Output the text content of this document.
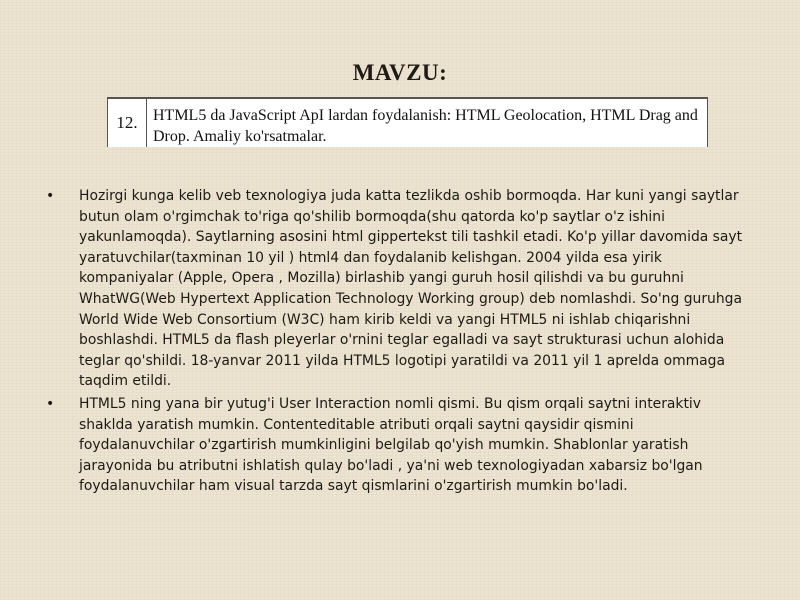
MAVZU:
12. HTML5 da JavaScript ApI lardan foydalanish: HTML Geolocation, HTML Drag and Drop. Amaliy ko'rsatmalar.
• Hozirgi kunga kelib veb texnologiya juda katta tezlikda oshib bormoqda. Har kuni yangi saytlar butun olam o'rgimchak to'riga qo'shilib bormoqda(shu qatorda ko'p saytlar o'z ishini yakunlamoqda). Saytlarning asosini html gippertekst tili tashkil etadi. Ko'p yillar davomida sayt yaratuvchilar(taxminan 10 yil ) html4 dan foydalanib kelishgan. 2004 yilda esa yirik kompaniyalar (Apple, Opera , Mozilla) birlashib yangi guruh hosil qilishdi va bu guruhni WhatWG(Web Hypertext Application Technology Working group) deb nomlashdi. So'ng guruhga World Wide Web Consortium (W3C) ham kirib keldi va yangi HTML5 ni ishlab chiqarishni boshlashdi. HTML5 da flash pleyerlar o'rnini teglar egalladi va sayt strukturasi uchun alohida teglar qo'shildi. 18-yanvar 2011 yilda HTML5 logotipi yaratildi va 2011 yil 1 aprelda ommaga taqdim etildi.
• HTML5 ning yana bir yutug'i User Interaction nomli qismi. Bu qism orqali saytni interaktiv shaklda yaratish mumkin. Contenteditable atributi orqali saytni qaysidir qismini foydalanuvchilar o'zgartirish mumkinligini belgilab qo'yish mumkin. Shablonlar yaratish jarayonida bu atributni ishlatish qulay bo'ladi , ya'ni web texnologiyadan xabarsiz bo'lgan foydalanuvchilar ham visual tarzda sayt qismlarini o'zgartirish mumkin bo'ladi.
